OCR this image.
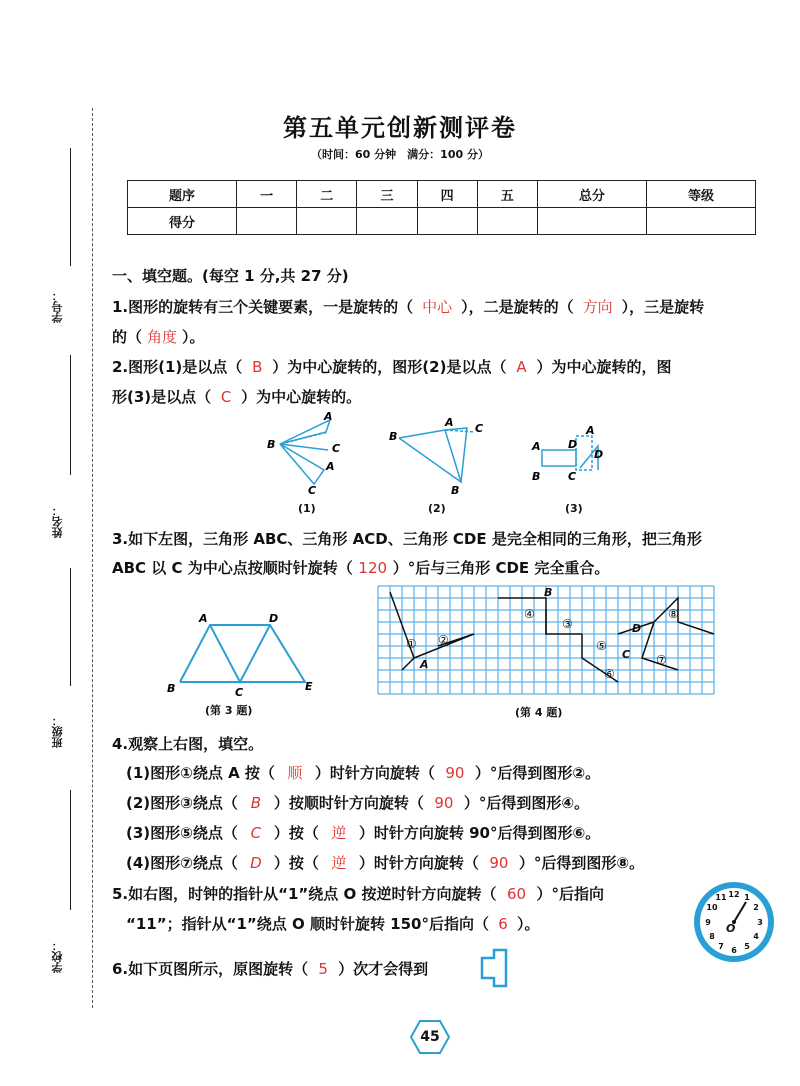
学号：
姓名：
班级：
学校：
第五单元创新测评卷
（时间：60 分钟　满分：100 分）
题序	一	二	三	四	五	总分	等级
得分							
一、填空题。(每空 1 分,共 27 分)
1.图形的旋转有三个关键要素，一是旋转的（ 中心 ），二是旋转的（ 方向 ），三是旋转
的（ 角度 ）。
2.图形(1)是以点（ B ）为中心旋转的，图形(2)是以点（ A ）为中心旋转的，图
形(3)是以点（ C ）为中心旋转的。
B
A
C
A
C
(1)
B
A C
B
(2)
A D
B	C
A
D
(3)
3.如下左图，三角形 ABC、三角形 ACD、三角形 CDE 是完全相同的三角形，把三角形
ABC 以 C 为中心点按顺时针旋转（ 120 ）°后与三角形 CDE 完全重合。
A	D
B	C	E
(第 3 题)
① ②
④
③
⑤
⑥
⑦
⑧
A
B
C
D
(第 4 题)
4.观察上右图，填空。
(1)图形①绕点 A 按（ 顺 ）时针方向旋转（ 90 ）°后得到图形②。
(2)图形③绕点（ B ）按顺时针方向旋转（ 90 ）°后得到图形④。
(3)图形⑤绕点（ C ）按（ 逆 ）时针方向旋转 90°后得到图形⑥。
(4)图形⑦绕点（ D ）按（ 逆 ）时针方向旋转（ 90 ）°后得到图形⑧。
5.如右图，时钟的指针从“1”绕点 O 按逆时针方向旋转（ 60 ）°后指向
“11”；指针从“1”绕点 O 顺时针旋转 150°后指向（ 6 ）。
12 1
2
3
4
5
6
7
8
9
10
11
O
6.如下页图所示，原图旋转（ 5 ）次才会得到
45
